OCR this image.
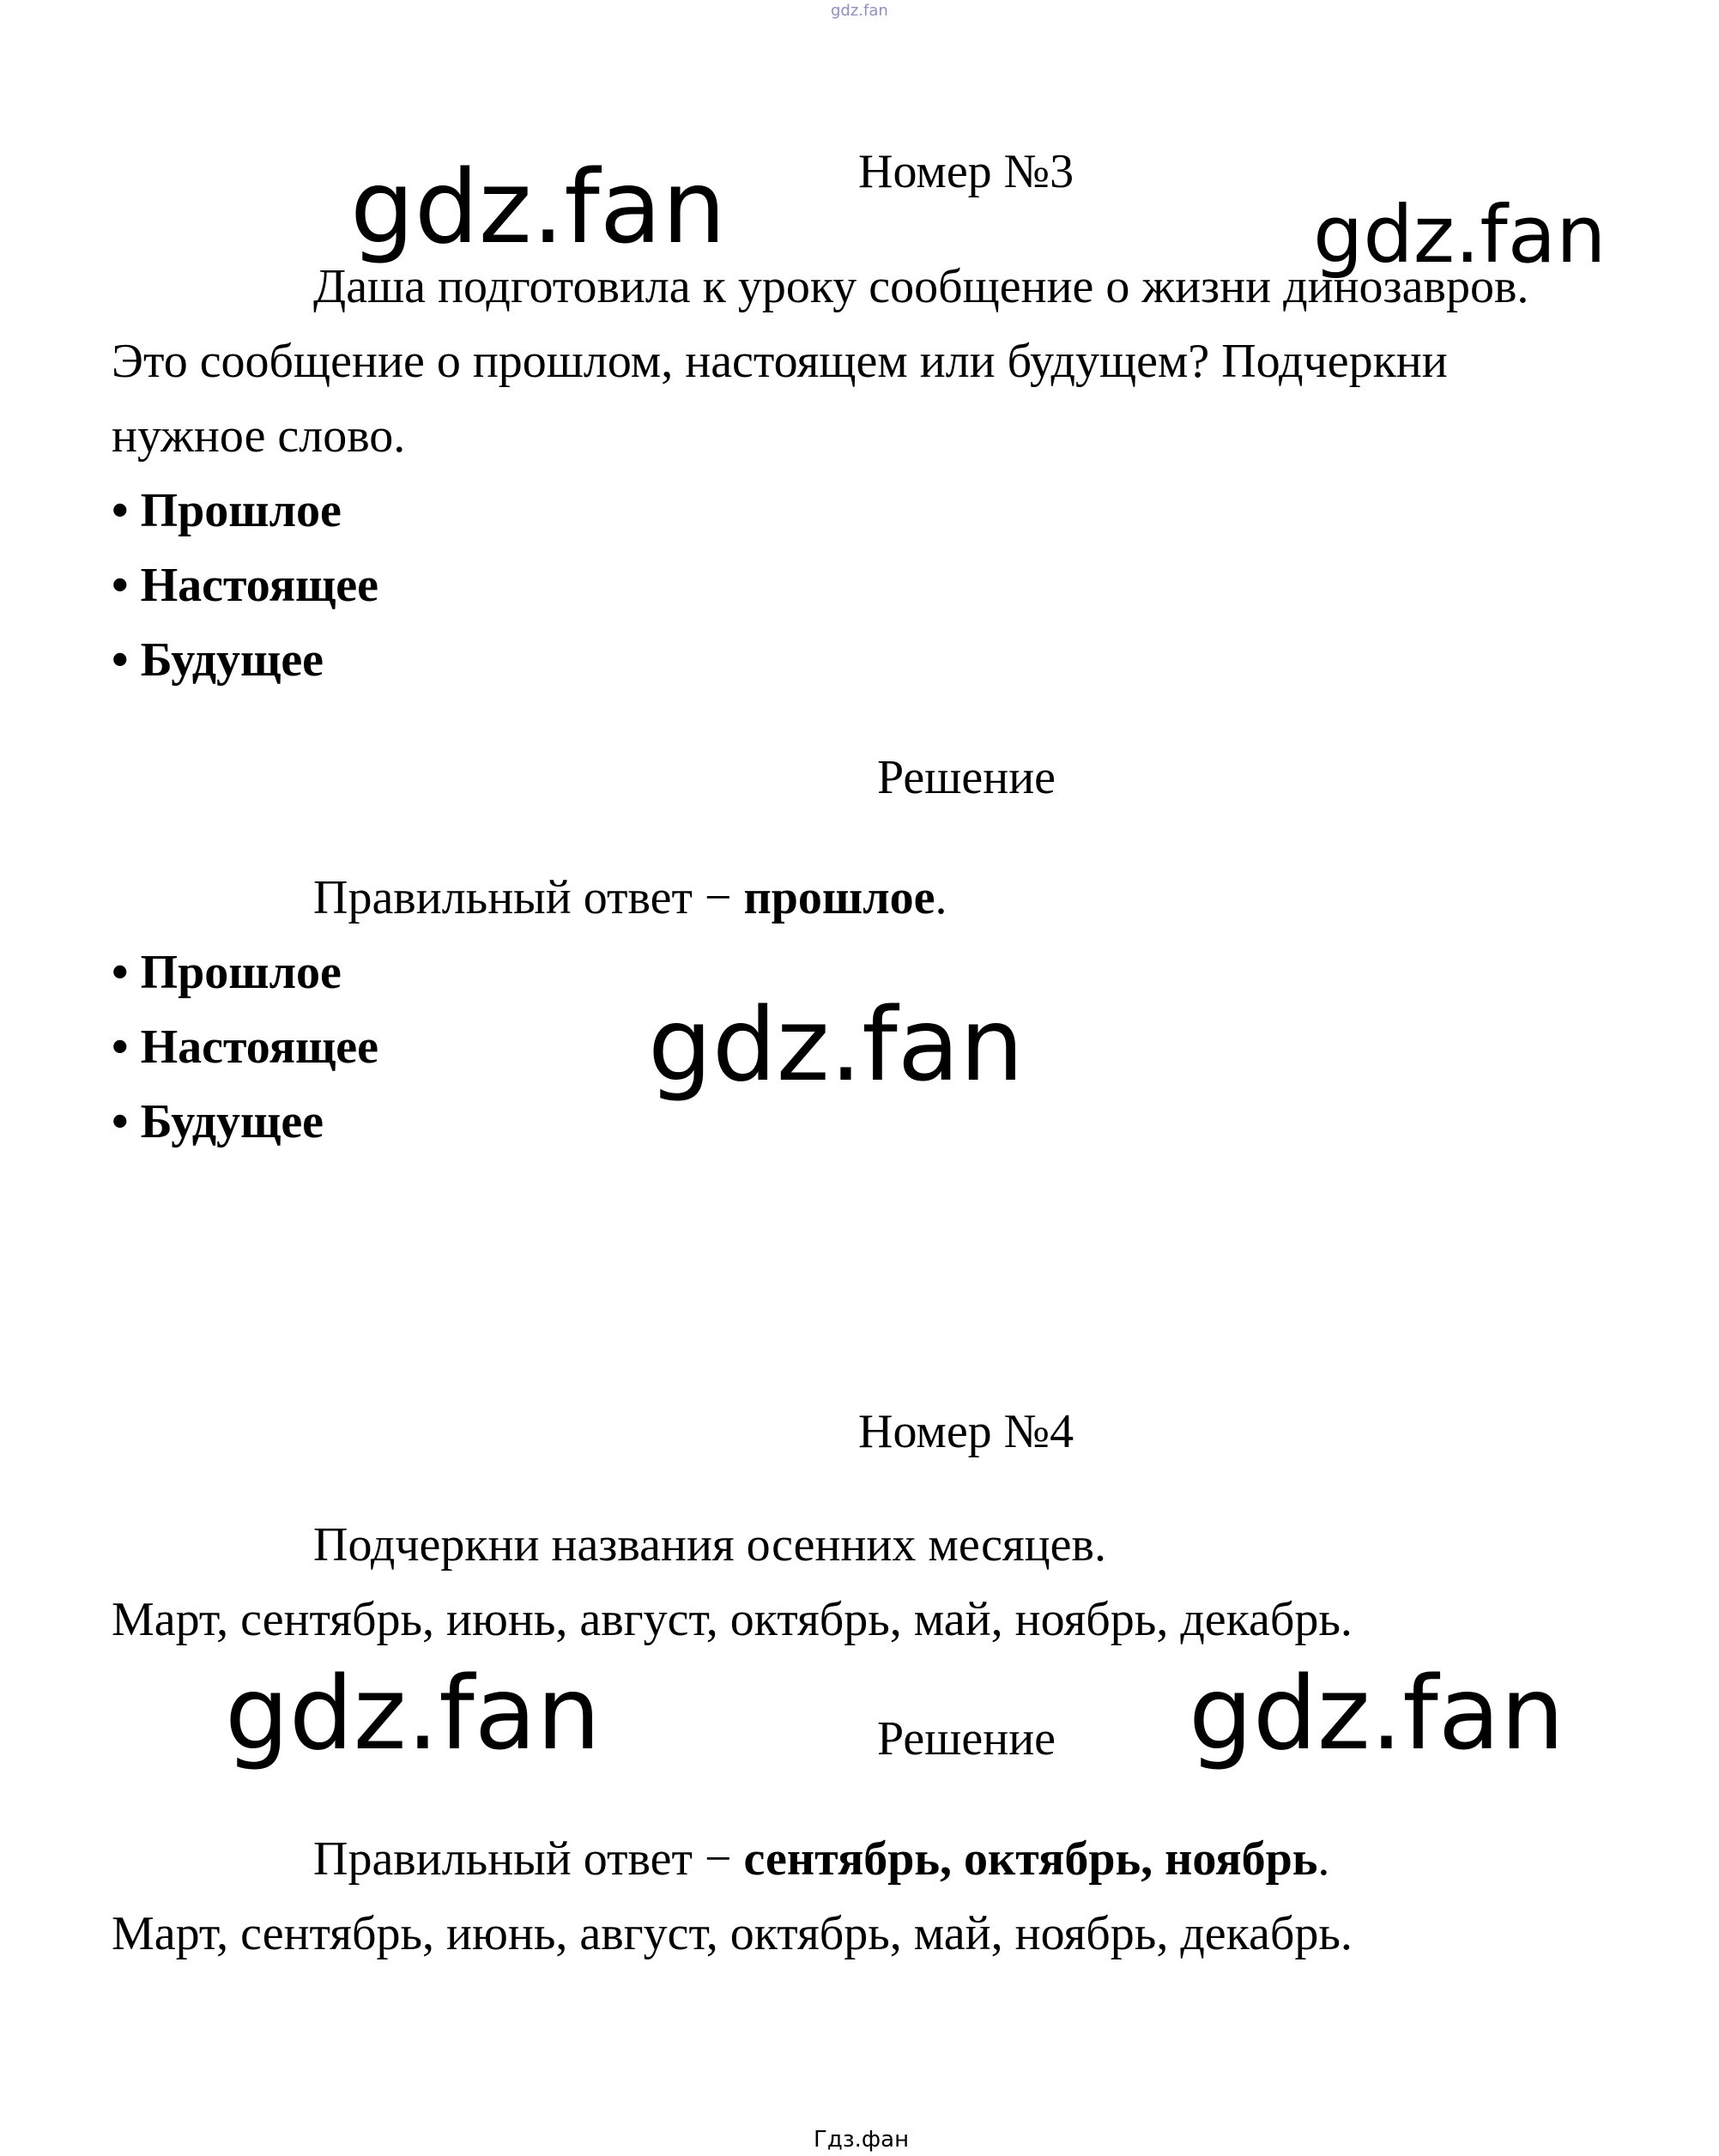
gdz.fan
Номер №3
gdz.fan	gdz.fan
Даша подготовила к уроку сообщение о жизни динозавров.
Это сообщение о прошлом, настоящем или будущем? Подчеркни
нужное слово.
• Прошлое
• Настоящее
• Будущее
Решение
Правильный ответ − прошлое.
• Прошлое
• Настоящее
• Будущее
gdz.fan
Номер №4
Подчеркни названия осенних месяцев.
Март, сентябрь, июнь, август, октябрь, май, ноябрь, декабрь.
gdz.fan	Решение gdz.fan
Правильный ответ − сентябрь, октябрь, ноябрь.
Март, сентябрь, июнь, август, октябрь, май, ноябрь, декабрь.
Гдз.фан
